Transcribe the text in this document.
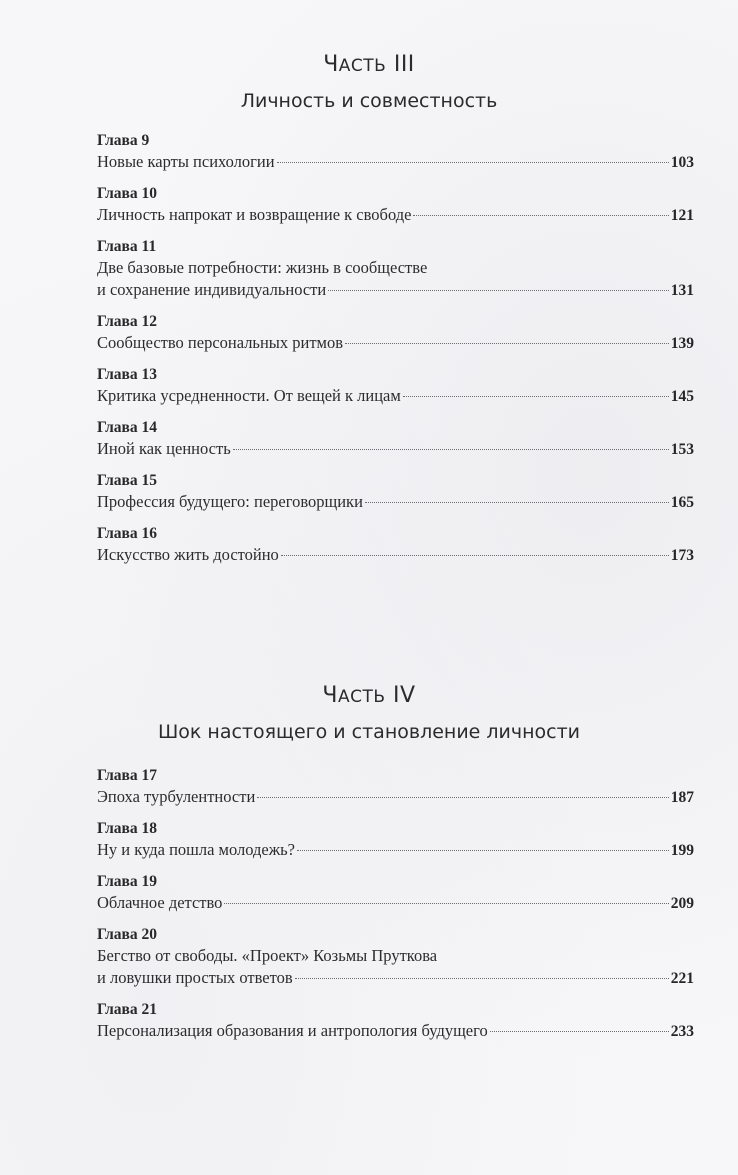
ЧАСТЬ III
Личность и совместность
Глава 9
Новые карты психологии	103
Глава 10
Личность напрокат и возвращение к свободе	121
Глава 11
Две базовые потребности: жизнь в сообществе
и сохранение индивидуальности	131
Глава 12
Сообщество персональных ритмов	139
Глава 13
Критика усредненности. От вещей к лицам	145
Глава 14
Иной как ценность	153
Глава 15
Профессия будущего: переговорщики	165
Глава 16
Искусство жить достойно	173
ЧАСТЬ IV
Шок настоящего и становление личности
Глава 17
Эпоха турбулентности	187
Глава 18
Ну и куда пошла молодежь?	199
Глава 19
Облачное детство	209
Глава 20
Бегство от свободы. «Проект» Козьмы Пруткова
и ловушки простых ответов	221
Глава 21
Персонализация образования и антропология будущего	233
